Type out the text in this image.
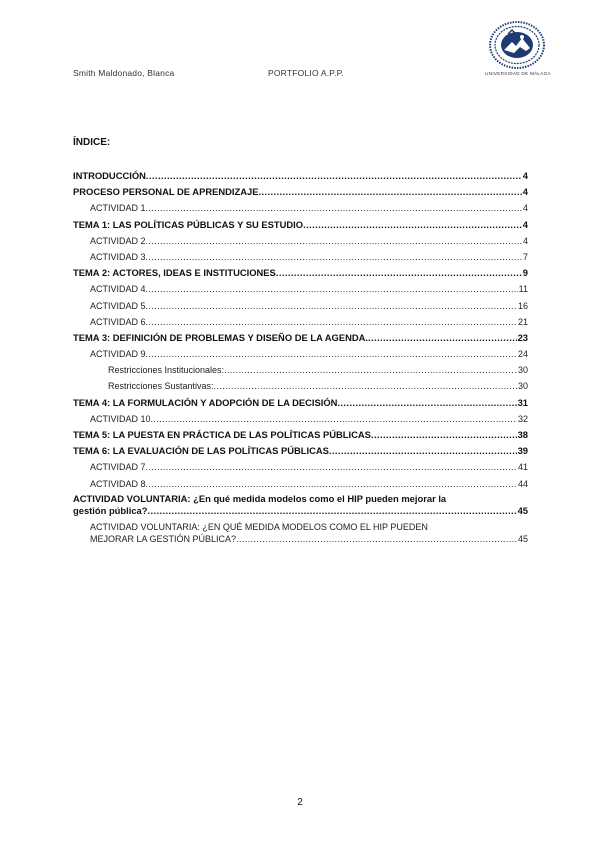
Smith Maldonado, Blanca	PORTFOLIO A.P.P.	UNIVERSIDAD DE MÁLAGA
ÍNDICE:
INTRODUCCIÓN .....	4
PROCESO PERSONAL DE APRENDIZAJE .....	4
ACTIVIDAD 1 .....	4
TEMA 1: LAS POLÍTICAS PÚBLICAS Y SU ESTUDIO .....	4
ACTIVIDAD 2 .....	4
ACTIVIDAD 3 .....	7
TEMA 2: ACTORES, IDEAS E INSTITUCIONES .....	9
ACTIVIDAD 4 .....	11
ACTIVIDAD 5 .....	16
ACTIVIDAD 6 .....	21
TEMA 3: DEFINICIÓN DE PROBLEMAS Y DISEÑO DE LA AGENDA. .....	23
ACTIVIDAD 9 .....	24
Restricciones Institucionales: .....	30
Restricciones Sustantivas: .....	30
TEMA 4: LA FORMULACIÓN Y ADOPCIÓN DE LA DECISIÓN .....	31
ACTIVIDAD 10 .....	32
TEMA 5: LA PUESTA EN PRÁCTICA DE LAS POLÍTICAS PÚBLICAS .....	38
TEMA 6: LA EVALUACIÓN DE LAS POLÍTICAS PÚBLICAS .....	39
ACTIVIDAD 7 .....	41
ACTIVIDAD 8 .....	44
ACTIVIDAD VOLUNTARIA: ¿En qué medida modelos como el HIP pueden mejorar la
gestión pública? .....	45
ACTIVIDAD VOLUNTARIA: ¿EN QUÉ MEDIDA MODELOS COMO EL HIP PUEDEN
MEJORAR LA GESTIÓN PÚBLICA? .....	45
2
